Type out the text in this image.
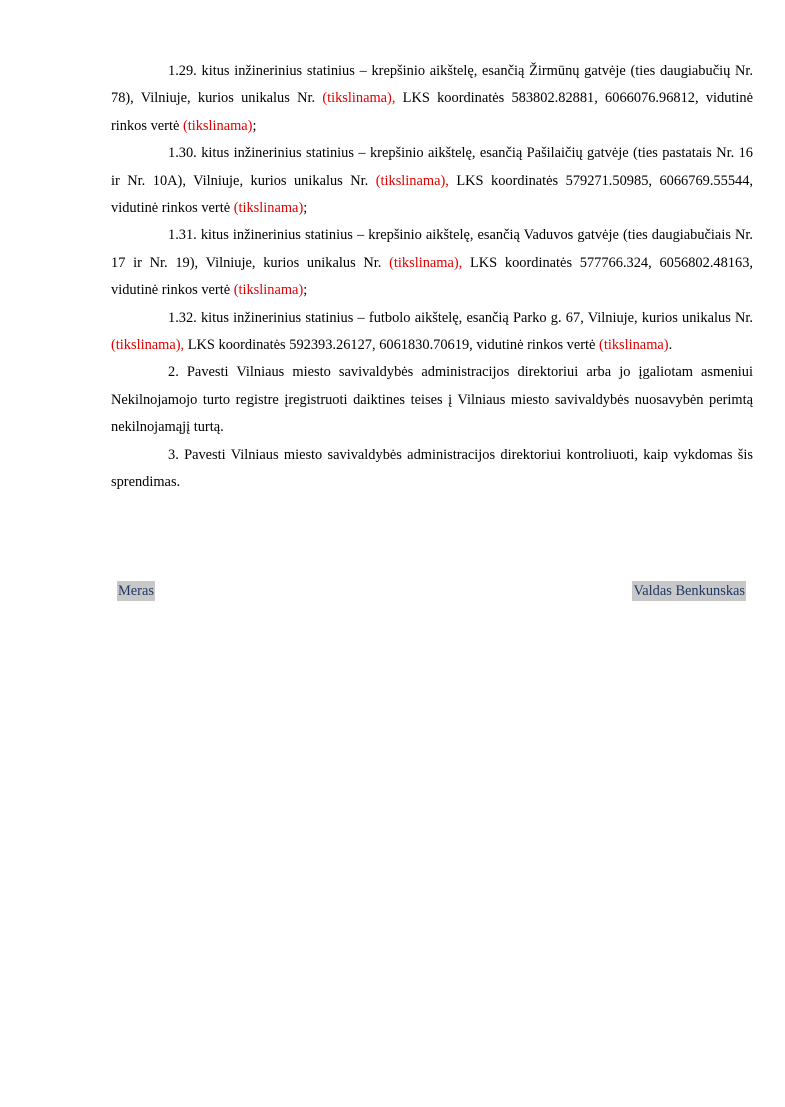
1.29. kitus inžinerinius statinius – krepšinio aikštelę, esančią Žirmūnų gatvėje (ties daugiabučių Nr. 78), Vilniuje, kurios unikalus Nr. (tikslinama), LKS koordinatės 583802.82881, 6066076.96812, vidutinė rinkos vertė (tikslinama);

1.30. kitus inžinerinius statinius – krepšinio aikštelę, esančią Pašilaičių gatvėje (ties pastatais Nr. 16 ir Nr. 10A), Vilniuje, kurios unikalus Nr. (tikslinama), LKS koordinatės 579271.50985, 6066769.55544, vidutinė rinkos vertė (tikslinama);

1.31. kitus inžinerinius statinius – krepšinio aikštelę, esančią Vaduvos gatvėje (ties daugiabučiais Nr. 17 ir Nr. 19), Vilniuje, kurios unikalus Nr. (tikslinama), LKS koordinatės 577766.324, 6056802.48163, vidutinė rinkos vertė (tikslinama);

1.32. kitus inžinerinius statinius – futbolo aikštelę, esančią Parko g. 67, Vilniuje, kurios unikalus Nr. (tikslinama), LKS koordinatės 592393.26127, 6061830.70619, vidutinė rinkos vertė (tikslinama).

2. Pavesti Vilniaus miesto savivaldybės administracijos direktoriui arba jo įgaliotam asmeniui Nekilnojamojo turto registre įregistruoti daiktines teises į Vilniaus miesto savivaldybės nuosavybėn perimtą nekilnojamąjį turtą.

3. Pavesti Vilniaus miesto savivaldybės administracijos direktoriui kontroliuoti, kaip vykdomas šis sprendimas.

Meras	Valdas Benkunskas
